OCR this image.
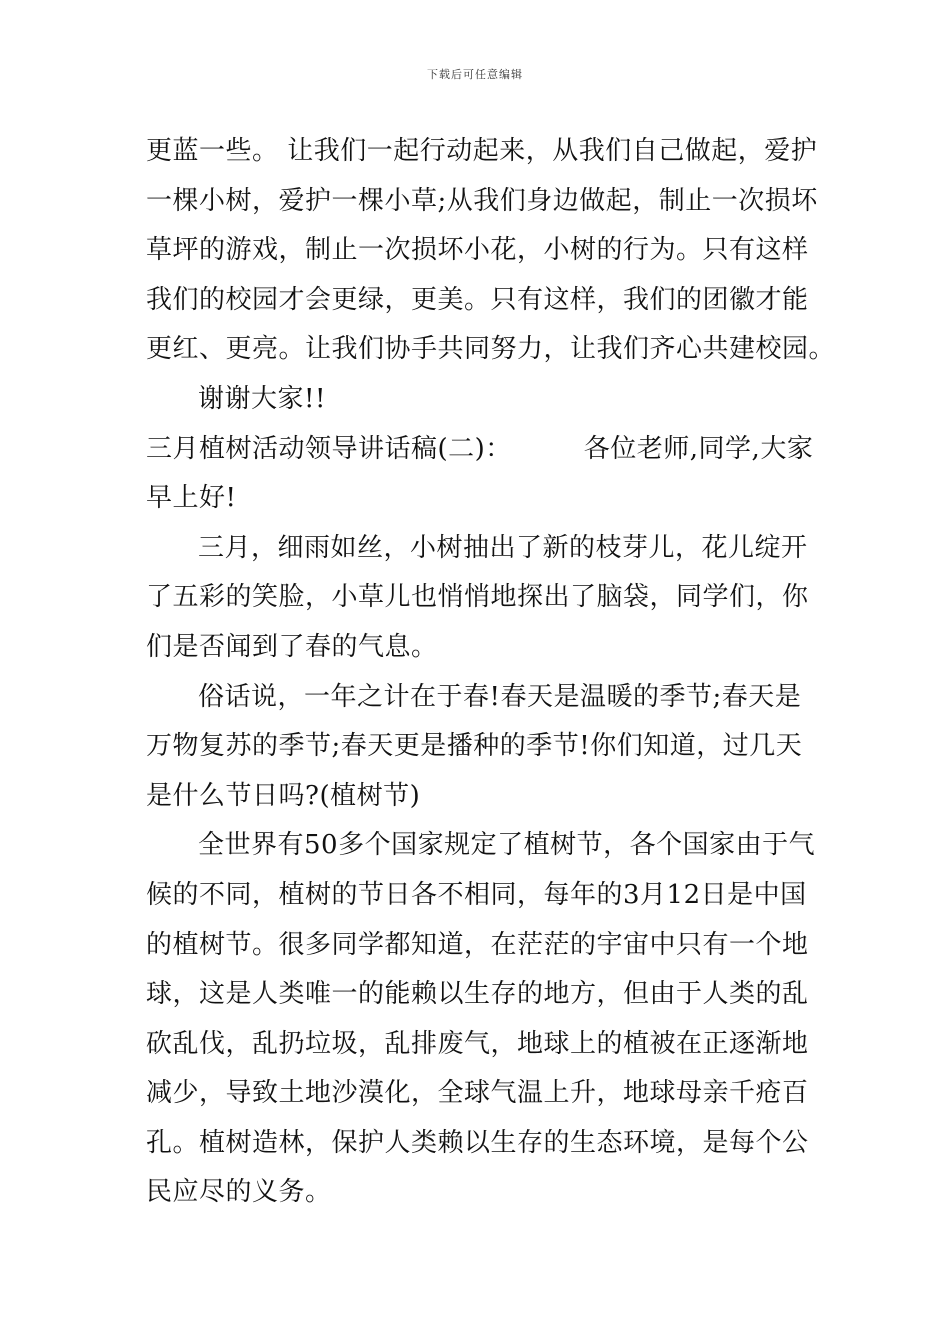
下载后可任意编辑
更蓝一些。 让我们一起行动起来，从我们自己做起，爱护
一棵小树，爱护一棵小草;从我们身边做起，制止一次损坏
草坪的游戏，制止一次损坏小花，小树的行为。只有这样
我们的校园才会更绿，更美。只有这样，我们的团徽才能
更红、更亮。让我们协手共同努力，让我们齐心共建校园。
谢谢大家!!
三月植树活动领导讲话稿(二)：	各位老师,同学,大家
早上好!
三月，细雨如丝，小树抽出了新的枝芽儿，花儿绽开
了五彩的笑脸，小草儿也悄悄地探出了脑袋，同学们，你
们是否闻到了春的气息。
俗话说，一年之计在于春!春天是温暖的季节;春天是
万物复苏的季节;春天更是播种的季节!你们知道，过几天
是什么节日吗?(植树节)
全世界有50多个国家规定了植树节，各个国家由于气
候的不同，植树的节日各不相同，每年的3月12日是中国
的植树节。很多同学都知道，在茫茫的宇宙中只有一个地
球，这是人类唯一的能赖以生存的地方，但由于人类的乱
砍乱伐，乱扔垃圾，乱排废气，地球上的植被在正逐渐地
减少，导致土地沙漠化，全球气温上升，地球母亲千疮百
孔。植树造林，保护人类赖以生存的生态环境，是每个公
民应尽的义务。
